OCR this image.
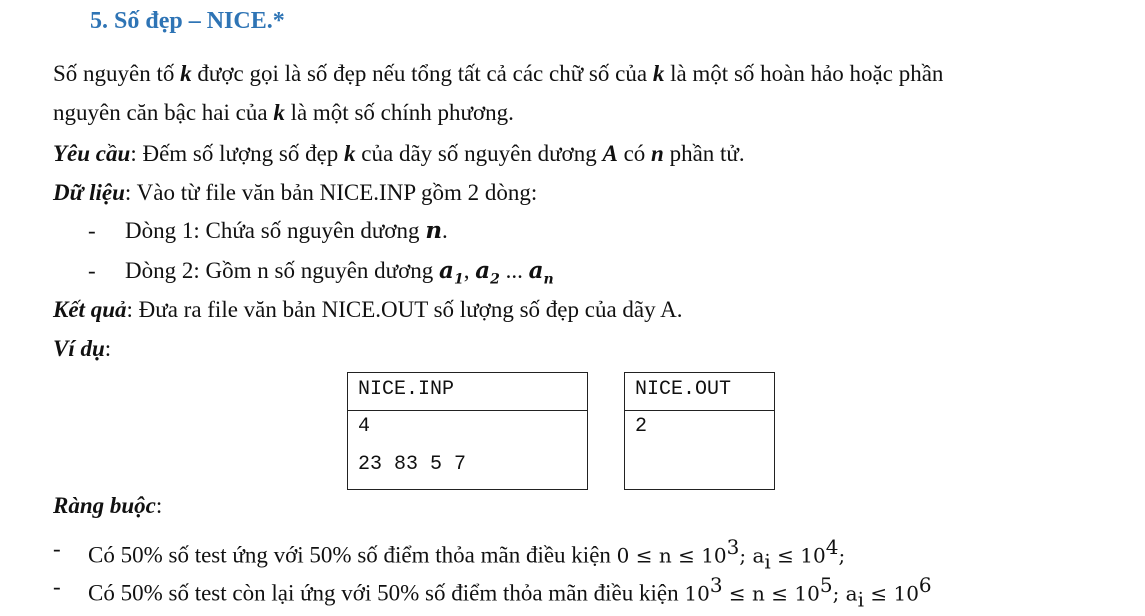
5. Số đẹp – NICE.*
Số nguyên tố k được gọi là số đẹp nếu tổng tất cả các chữ số của k là một số hoàn hảo hoặc phần
nguyên căn bậc hai của k là một số chính phương.
Yêu cầu: Đếm số lượng số đẹp k của dãy số nguyên dương A có n phần tử.
Dữ liệu: Vào từ file văn bản NICE.INP gồm 2 dòng:
- Dòng 1: Chứa số nguyên dương n.
- Dòng 2: Gồm n số nguyên dương $a_1$, $a_2$ ... $a_n$
Kết quả: Đưa ra file văn bản NICE.OUT số lượng số đẹp của dãy A.
Ví dụ:
NICE.INP
4
23 83 5 7
NICE.OUT
2
Ràng buộc:
- Có 50% số test ứng với 50% số điểm thỏa mãn điều kiện $0 \le n \le 10^3$; $a_i \le 10^4$;
- Có 50% số test còn lại ứng với 50% số điểm thỏa mãn điều kiện $10^3 \le n \le 10^5$; $a_i \le 10^6$
